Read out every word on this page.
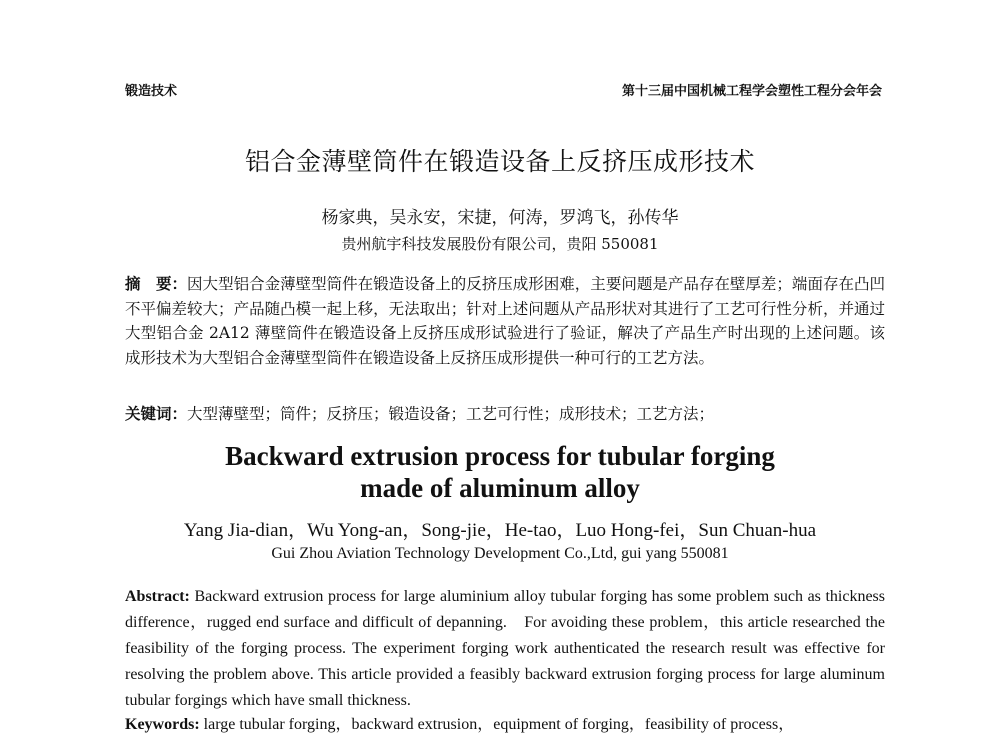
锻造技术	第十三届中国机械工程学会塑性工程分会年会
铝合金薄壁筒件在锻造设备上反挤压成形技术
杨家典，吴永安，宋捷，何涛，罗鸿飞，孙传华
贵州航宇科技发展股份有限公司，贵阳 550081
摘　要：因大型铝合金薄壁型筒件在锻造设备上的反挤压成形困难，主要问题是产品存在壁厚差；端面存在凸凹不平偏差较大；产品随凸模一起上移，无法取出；针对上述问题从产品形状对其进行了工艺可行性分析，并通过大型铝合金 2A12 薄壁筒件在锻造设备上反挤压成形试验进行了验证，解决了产品生产时出现的上述问题。该成形技术为大型铝合金薄壁型筒件在锻造设备上反挤压成形提供一种可行的工艺方法。
关键词：大型薄壁型；筒件；反挤压；锻造设备；工艺可行性；成形技术；工艺方法；
Backward extrusion process for tubular forging
made of aluminum alloy
Yang Jia-dian，Wu Yong-an，Song-jie，He-tao，Luo Hong-fei，Sun Chuan-hua
Gui Zhou Aviation Technology Development Co.,Ltd, gui yang 550081
Abstract: Backward extrusion process for large aluminium alloy tubular forging has some problem such as thickness difference，rugged end surface and difficult of depanning.　For avoiding these problem，this article researched the feasibility of the forging process. The experiment forging work authenticated the research result was effective for resolving the problem above. This article provided a feasibly backward extrusion forging process for large aluminum tubular forgings which have small thickness.
Keywords: large tubular forging，backward extrusion，equipment of forging，feasibility of process，
